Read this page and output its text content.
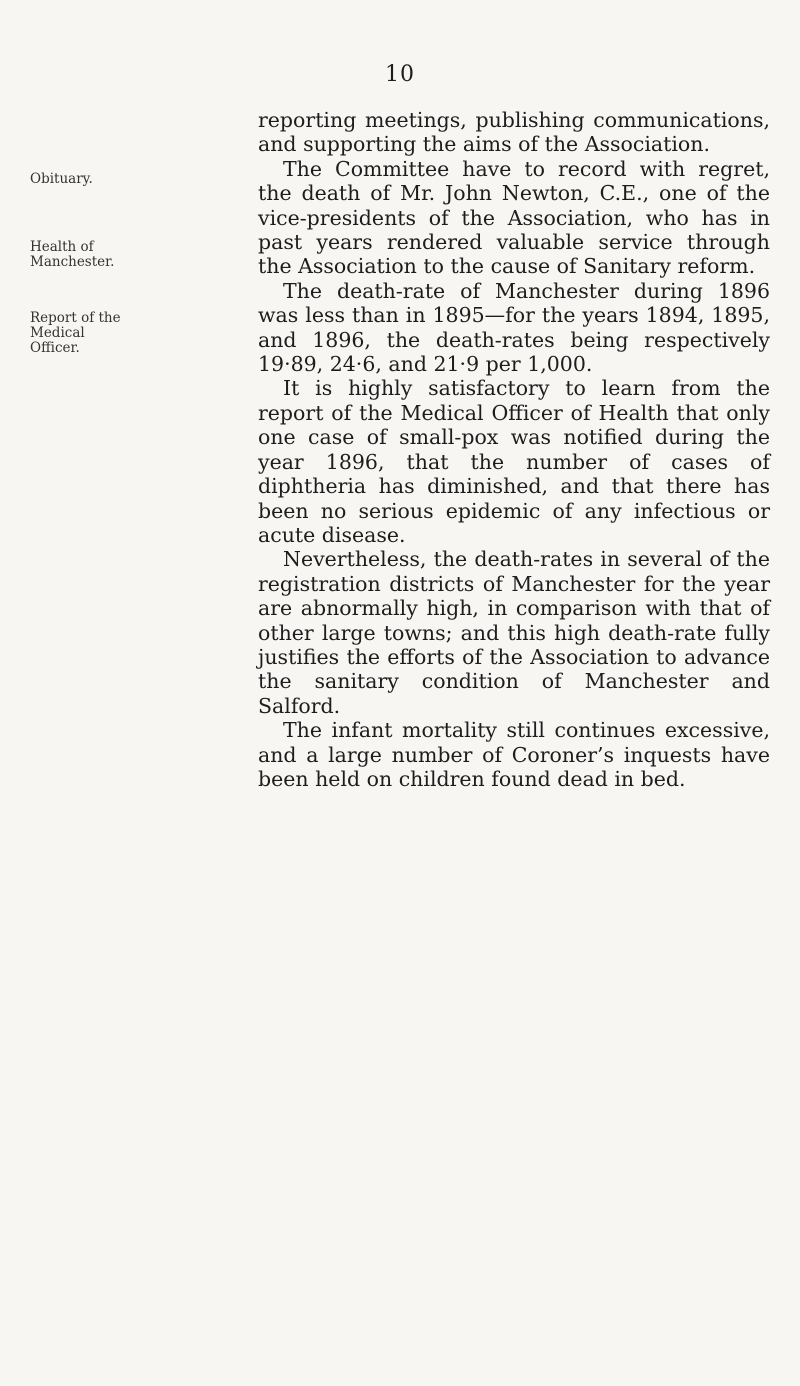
10
Obituary.
Health of Manchester.
Report of the Medical Officer.

reporting meetings, publishing communications, and supporting the aims of the Association.

The Committee have to record with regret, the death of Mr. John Newton, C.E., one of the vice-presidents of the Association, who has in past years rendered valuable service through the Association to the cause of Sanitary reform.

The death-rate of Manchester during 1896 was less than in 1895—for the years 1894, 1895, and 1896, the death-rates being respectively 19·89, 24·6, and 21·9 per 1,000.

It is highly satisfactory to learn from the report of the Medical Officer of Health that only one case of small-pox was notified during the year 1896, that the number of cases of diphtheria has diminished, and that there has been no serious epidemic of any infectious or acute disease.

Nevertheless, the death-rates in several of the registration districts of Manchester for the year are abnormally high, in comparison with that of other large towns; and this high death-rate fully justifies the efforts of the Association to advance the sanitary condition of Manchester and Salford.

The infant mortality still continues excessive, and a large number of Coroner’s inquests have been held on children found dead in bed.
